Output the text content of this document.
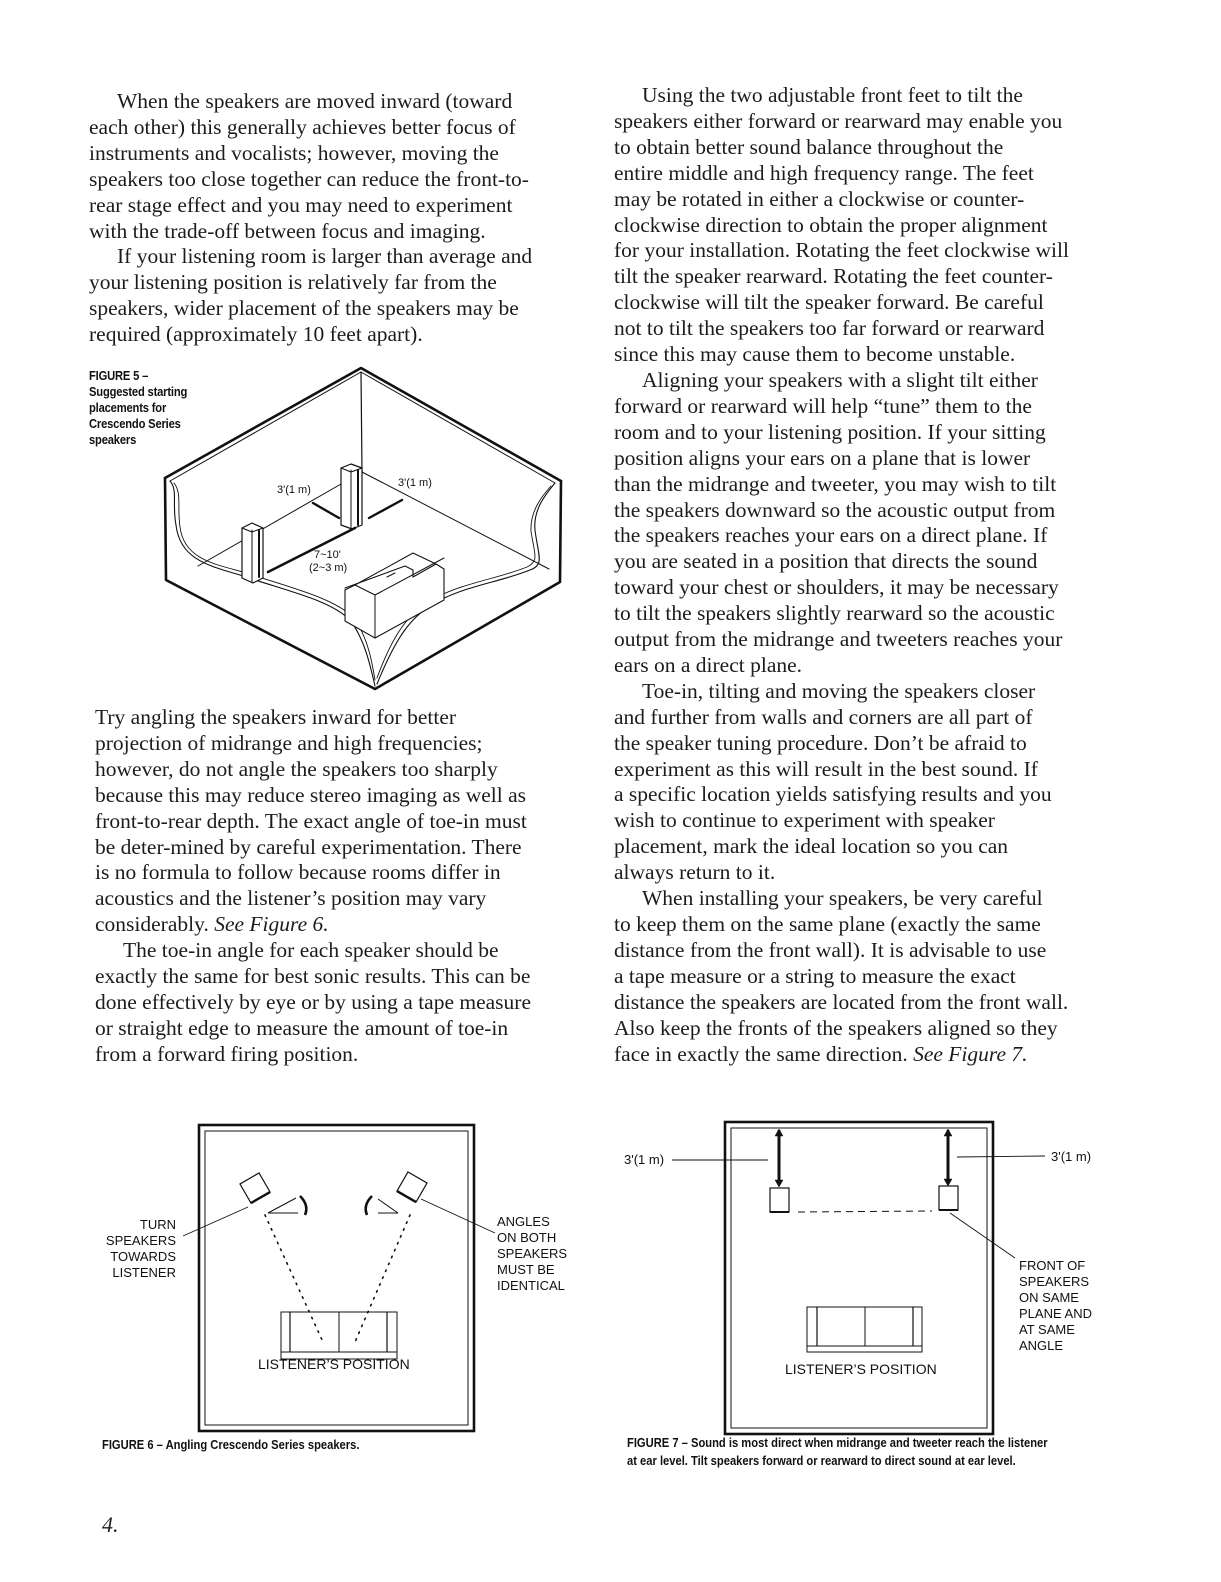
When the speakers are moved inward (toward
each other) this generally achieves better focus of
instruments and vocalists; however, moving the
speakers too close together can reduce the front-to-
rear stage effect and you may need to experiment
with the trade-off between focus and imaging.

If your listening room is larger than average and
your listening position is relatively far from the
speakers, wider placement of the speakers may be
required (approximately 10 feet apart).

FIGURE 5 –
Suggested starting
placements for
Crescendo Series
speakers
3'(1 m)
3'(1 m)
7~10'
(2~3 m)

Try angling the speakers inward for better
projection of midrange and high frequencies;
however, do not angle the speakers too sharply
because this may reduce stereo imaging as well as
front-to-rear depth. The exact angle of toe-in must
be deter-mined by careful experimentation. There
is no formula to follow because rooms differ in
acoustics and the listener’s position may vary
considerably. See Figure 6.

The toe-in angle for each speaker should be
exactly the same for best sonic results. This can be
done effectively by eye or by using a tape measure
or straight edge to measure the amount of toe-in
from a forward firing position.

Using the two adjustable front feet to tilt the
speakers either forward or rearward may enable you
to obtain better sound balance throughout the
entire middle and high frequency range. The feet
may be rotated in either a clockwise or counter-
clockwise direction to obtain the proper alignment
for your installation. Rotating the feet clockwise will
tilt the speaker rearward. Rotating the feet counter-
clockwise will tilt the speaker forward. Be careful
not to tilt the speakers too far forward or rearward
since this may cause them to become unstable.

Aligning your speakers with a slight tilt either
forward or rearward will help “tune” them to the
room and to your listening position. If your sitting
position aligns your ears on a plane that is lower
than the midrange and tweeter, you may wish to tilt
the speakers downward so the acoustic output from
the speakers reaches your ears on a direct plane. If
you are seated in a position that directs the sound
toward your chest or shoulders, it may be necessary
to tilt the speakers slightly rearward so the acoustic
output from the midrange and tweeters reaches your
ears on a direct plane.

Toe-in, tilting and moving the speakers closer
and further from walls and corners are all part of
the speaker tuning procedure. Don’t be afraid to
experiment as this will result in the best sound. If
a specific location yields satisfying results and you
wish to continue to experiment with speaker
placement, mark the ideal location so you can
always return to it.

When installing your speakers, be very careful
to keep them on the same plane (exactly the same
distance from the front wall). It is advisable to use
a tape measure or a string to measure the exact
distance the speakers are located from the front wall.
Also keep the fronts of the speakers aligned so they
face in exactly the same direction. See Figure 7.

LISTENER’S POSITION
TURN
SPEAKERS
TOWARDS
LISTENER
ANGLES
ON BOTH
SPEAKERS
MUST BE
IDENTICAL
FIGURE 6 – Angling Crescendo Series speakers.
3'(1 m)	3'(1 m)
LISTENER’S POSITION
FRONT OF
SPEAKERS
ON SAME
PLANE AND
AT SAME
ANGLE
FIGURE 7 – Sound is most direct when midrange and tweeter reach the listener
at ear level. Tilt speakers forward or rearward to direct sound at ear level.
4.
